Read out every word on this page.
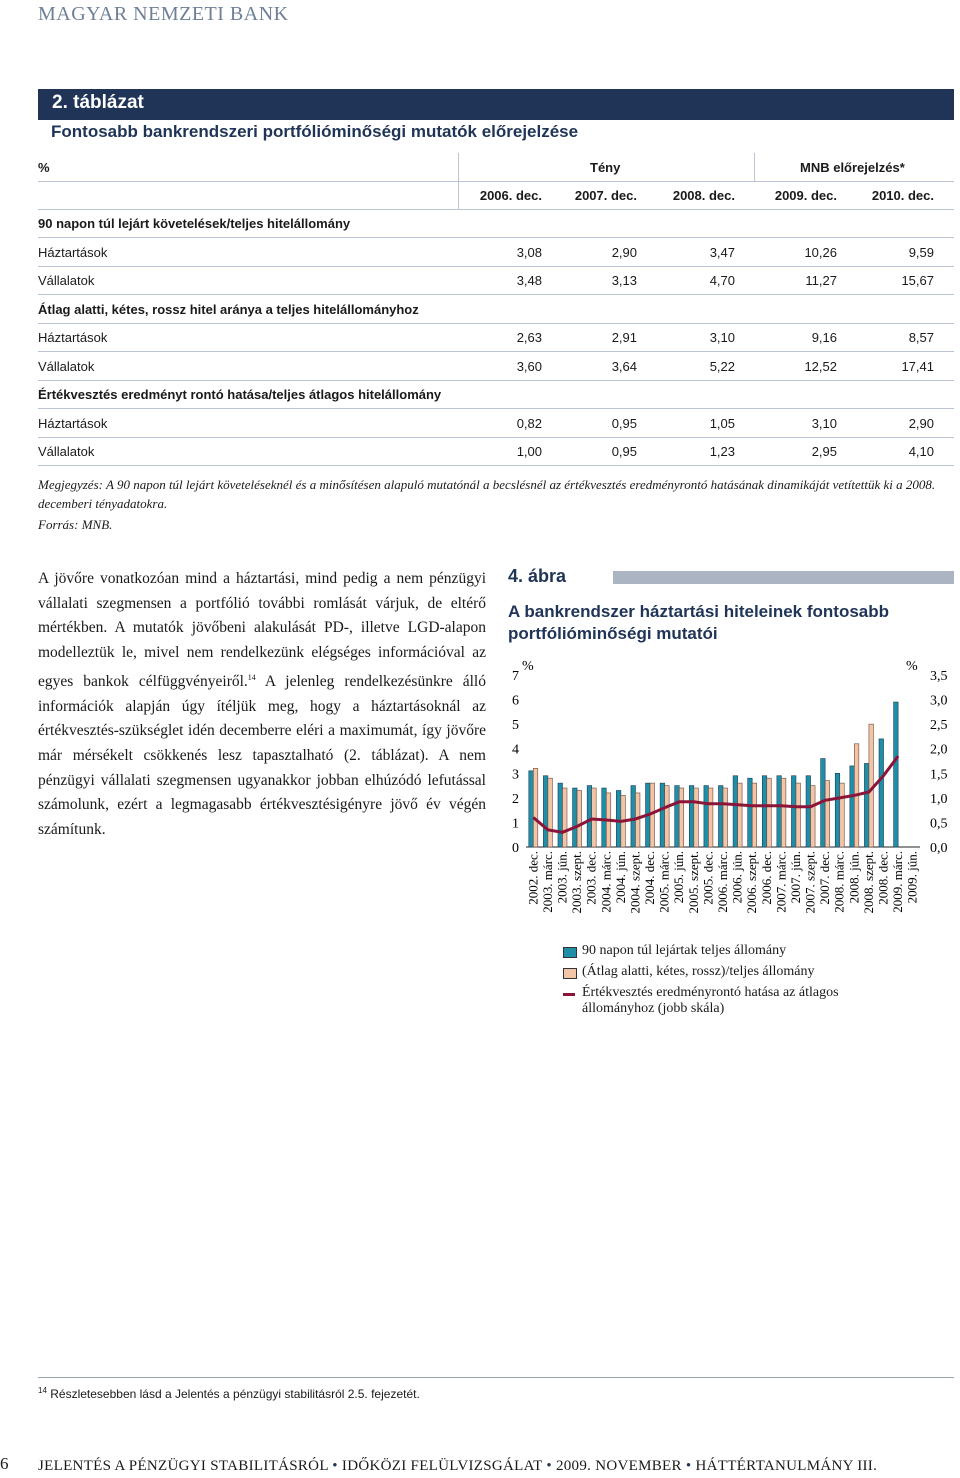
MAGYAR NEMZETI BANK
2. táblázat
Fontosabb bankrendszeri portfólióminőségi mutatók előrejelzése
%	Tény	MNB előrejelzés*
2006. dec.	2007. dec.	2008. dec.	2009. dec.	2010. dec.
90 napon túl lejárt követelések/teljes hitelállomány
Háztartások	3,08	2,90	3,47	10,26	9,59
Vállalatok	3,48	3,13	4,70	11,27	15,67
Átlag alatti, kétes, rossz hitel aránya a teljes hitelállományhoz
Háztartások	2,63	2,91	3,10	9,16	8,57
Vállalatok	3,60	3,64	5,22	12,52	17,41
Értékvesztés eredményt rontó hatása/teljes átlagos hitelállomány
Háztartások	0,82	0,95	1,05	3,10	2,90
Vállalatok	1,00	0,95	1,23	2,95	4,10
Megjegyzés: A 90 napon túl lejárt követeléseknél és a minősítésen alapuló mutatónál a becslésnél az értékvesztés eredményrontó hatásának dinamikáját vetítettük ki a 2008. decemberi tényadatokra.
Forrás: MNB.
A jövőre vonatkozóan mind a háztartási, mind pedig a nem pénzügyi vállalati szegmensen a portfólió további romlását várjuk, de eltérő mértékben. A mutatók jövőbeni alakulását PD-, illetve LGD-alapon modelleztük le, mivel nem rendelkezünk elégséges információval az egyes bankok célfüggvényeiről.$^{14}$ A jelenleg rendelkezésünkre álló információk alapján úgy ítéljük meg, hogy a háztartásoknál az értékvesztés-szükséglet idén decemberre eléri a maximumát, így jövőre már mérsékelt csökkenés lesz tapasztalható (2. táblázat). A nem pénzügyi vállalati szegmensen ugyanakkor jobban elhúzódó lefutással számolunk, ezért a legmagasabb értékvesztésigényre jövő év végén számítunk.
4. ábra
A bankrendszer háztartási hiteleinek fontosabb portfólióminőségi mutatói
%	%
0
1
2
3
4
5
6
7
0,0
0,5
1,0
1,5
2,0
2,5
3,0
3,5
2002. dec. 2003. márc. 2003. jún. 2003. szept. 2003. dec. 2004. márc. 2004. jún. 2004. szept. 2004. dec. 2005. márc. 2005. jún. 2005. szept. 2005. dec. 2006. márc. 2006. jún. 2006. szept. 2006. dec. 2007. márc. 2007. jún. 2007. szept. 2007. dec. 2008. márc. 2008. jún. 2008. szept. 2008. dec. 2009. márc. 2009. jún.
90 napon túl lejártak teljes állomány
(Átlag alatti, kétes, rossz)/teljes állomány
Értékvesztés eredményrontó hatása az átlagos állományhoz (jobb skála)
$^{14}$ Részletesebben lásd a Jelentés a pénzügyi stabilitásról 2.5. fejezetét.
6 JELENTÉS A PÉNZÜGYI STABILITÁSRÓL • IDŐKÖZI FELÜLVIZSGÁLAT • 2009. NOVEMBER • HÁTTÉRTANULMÁNY III.
